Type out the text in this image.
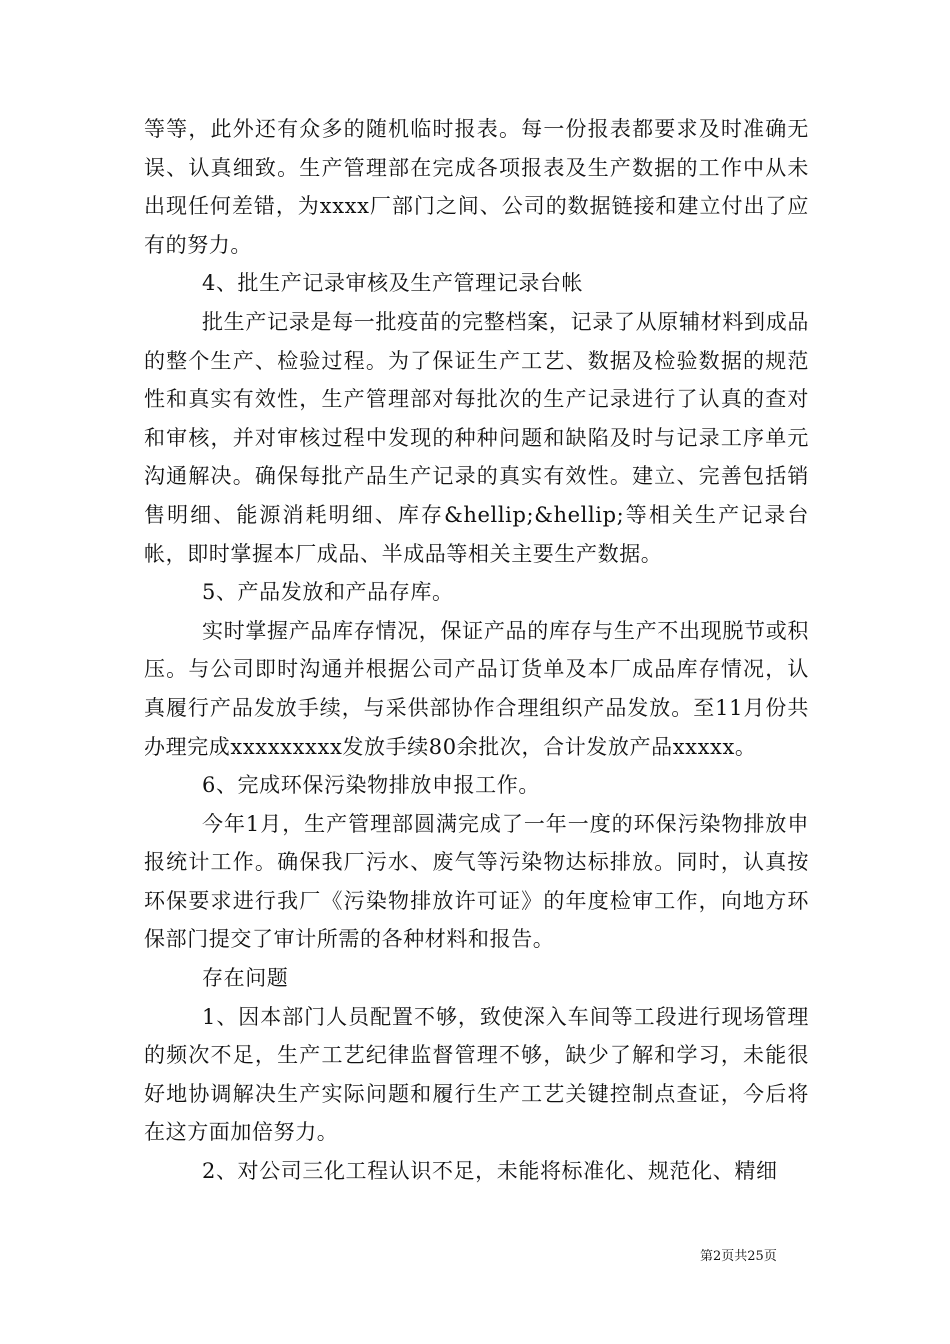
等等，此外还有众多的随机临时报表。每一份报表都要求及时准确无误、认真细致。生产管理部在完成各项报表及生产数据的工作中从未出现任何差错，为xxxx厂部门之间、公司的数据链接和建立付出了应有的努力。

4、批生产记录审核及生产管理记录台帐

批生产记录是每一批疫苗的完整档案，记录了从原辅材料到成品的整个生产、检验过程。为了保证生产工艺、数据及检验数据的规范性和真实有效性，生产管理部对每批次的生产记录进行了认真的查对和审核，并对审核过程中发现的种种问题和缺陷及时与记录工序单元沟通解决。确保每批产品生产记录的真实有效性。建立、完善包括销售明细、能源消耗明细、库存&hellip;&hellip;等相关生产记录台帐，即时掌握本厂成品、半成品等相关主要生产数据。

5、产品发放和产品存库。

实时掌握产品库存情况，保证产品的库存与生产不出现脱节或积压。与公司即时沟通并根据公司产品订货单及本厂成品库存情况，认真履行产品发放手续，与采供部协作合理组织产品发放。至11月份共办理完成xxxxxxxxx发放手续80余批次，合计发放产品xxxxx。

6、完成环保污染物排放申报工作。

今年1月，生产管理部圆满完成了一年一度的环保污染物排放申报统计工作。确保我厂污水、废气等污染物达标排放。同时，认真按环保要求进行我厂《污染物排放许可证》的年度检审工作，向地方环保部门提交了审计所需的各种材料和报告。

存在问题

1、因本部门人员配置不够，致使深入车间等工段进行现场管理的频次不足，生产工艺纪律监督管理不够，缺少了解和学习，未能很好地协调解决生产实际问题和履行生产工艺关键控制点查证，今后将在这方面加倍努力。

2、对公司三化工程认识不足，未能将标准化、规范化、精细

第2页共25页
